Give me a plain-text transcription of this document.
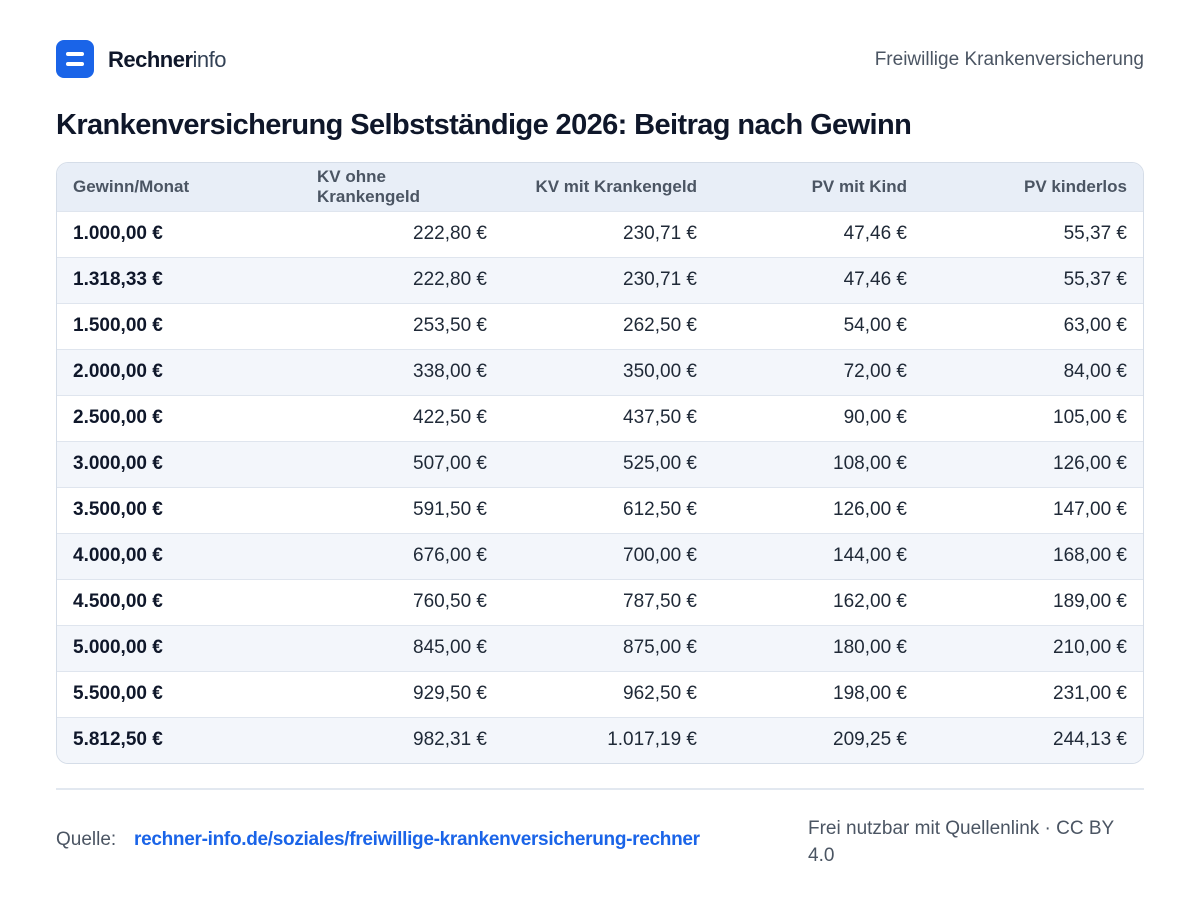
Rechnerinfo	Freiwillige Krankenversicherung
Krankenversicherung Selbstständige 2026: Beitrag nach Gewinn
Gewinn/Monat	KV ohne Krankengeld	KV mit Krankengeld	PV mit Kind	PV kinderlos
1.000,00 €	222,80 €	230,71 €	47,46 €	55,37 €
1.318,33 €	222,80 €	230,71 €	47,46 €	55,37 €
1.500,00 €	253,50 €	262,50 €	54,00 €	63,00 €
2.000,00 €	338,00 €	350,00 €	72,00 €	84,00 €
2.500,00 €	422,50 €	437,50 €	90,00 €	105,00 €
3.000,00 €	507,00 €	525,00 €	108,00 €	126,00 €
3.500,00 €	591,50 €	612,50 €	126,00 €	147,00 €
4.000,00 €	676,00 €	700,00 €	144,00 €	168,00 €
4.500,00 €	760,50 €	787,50 €	162,00 €	189,00 €
5.000,00 €	845,00 €	875,00 €	180,00 €	210,00 €
5.500,00 €	929,50 €	962,50 €	198,00 €	231,00 €
5.812,50 €	982,31 €	1.017,19 €	209,25 €	244,13 €
Quelle: rechner-info.de/soziales/freiwillige-krankenversicherung-rechner
Frei nutzbar mit Quellenlink · CC BY 4.0
